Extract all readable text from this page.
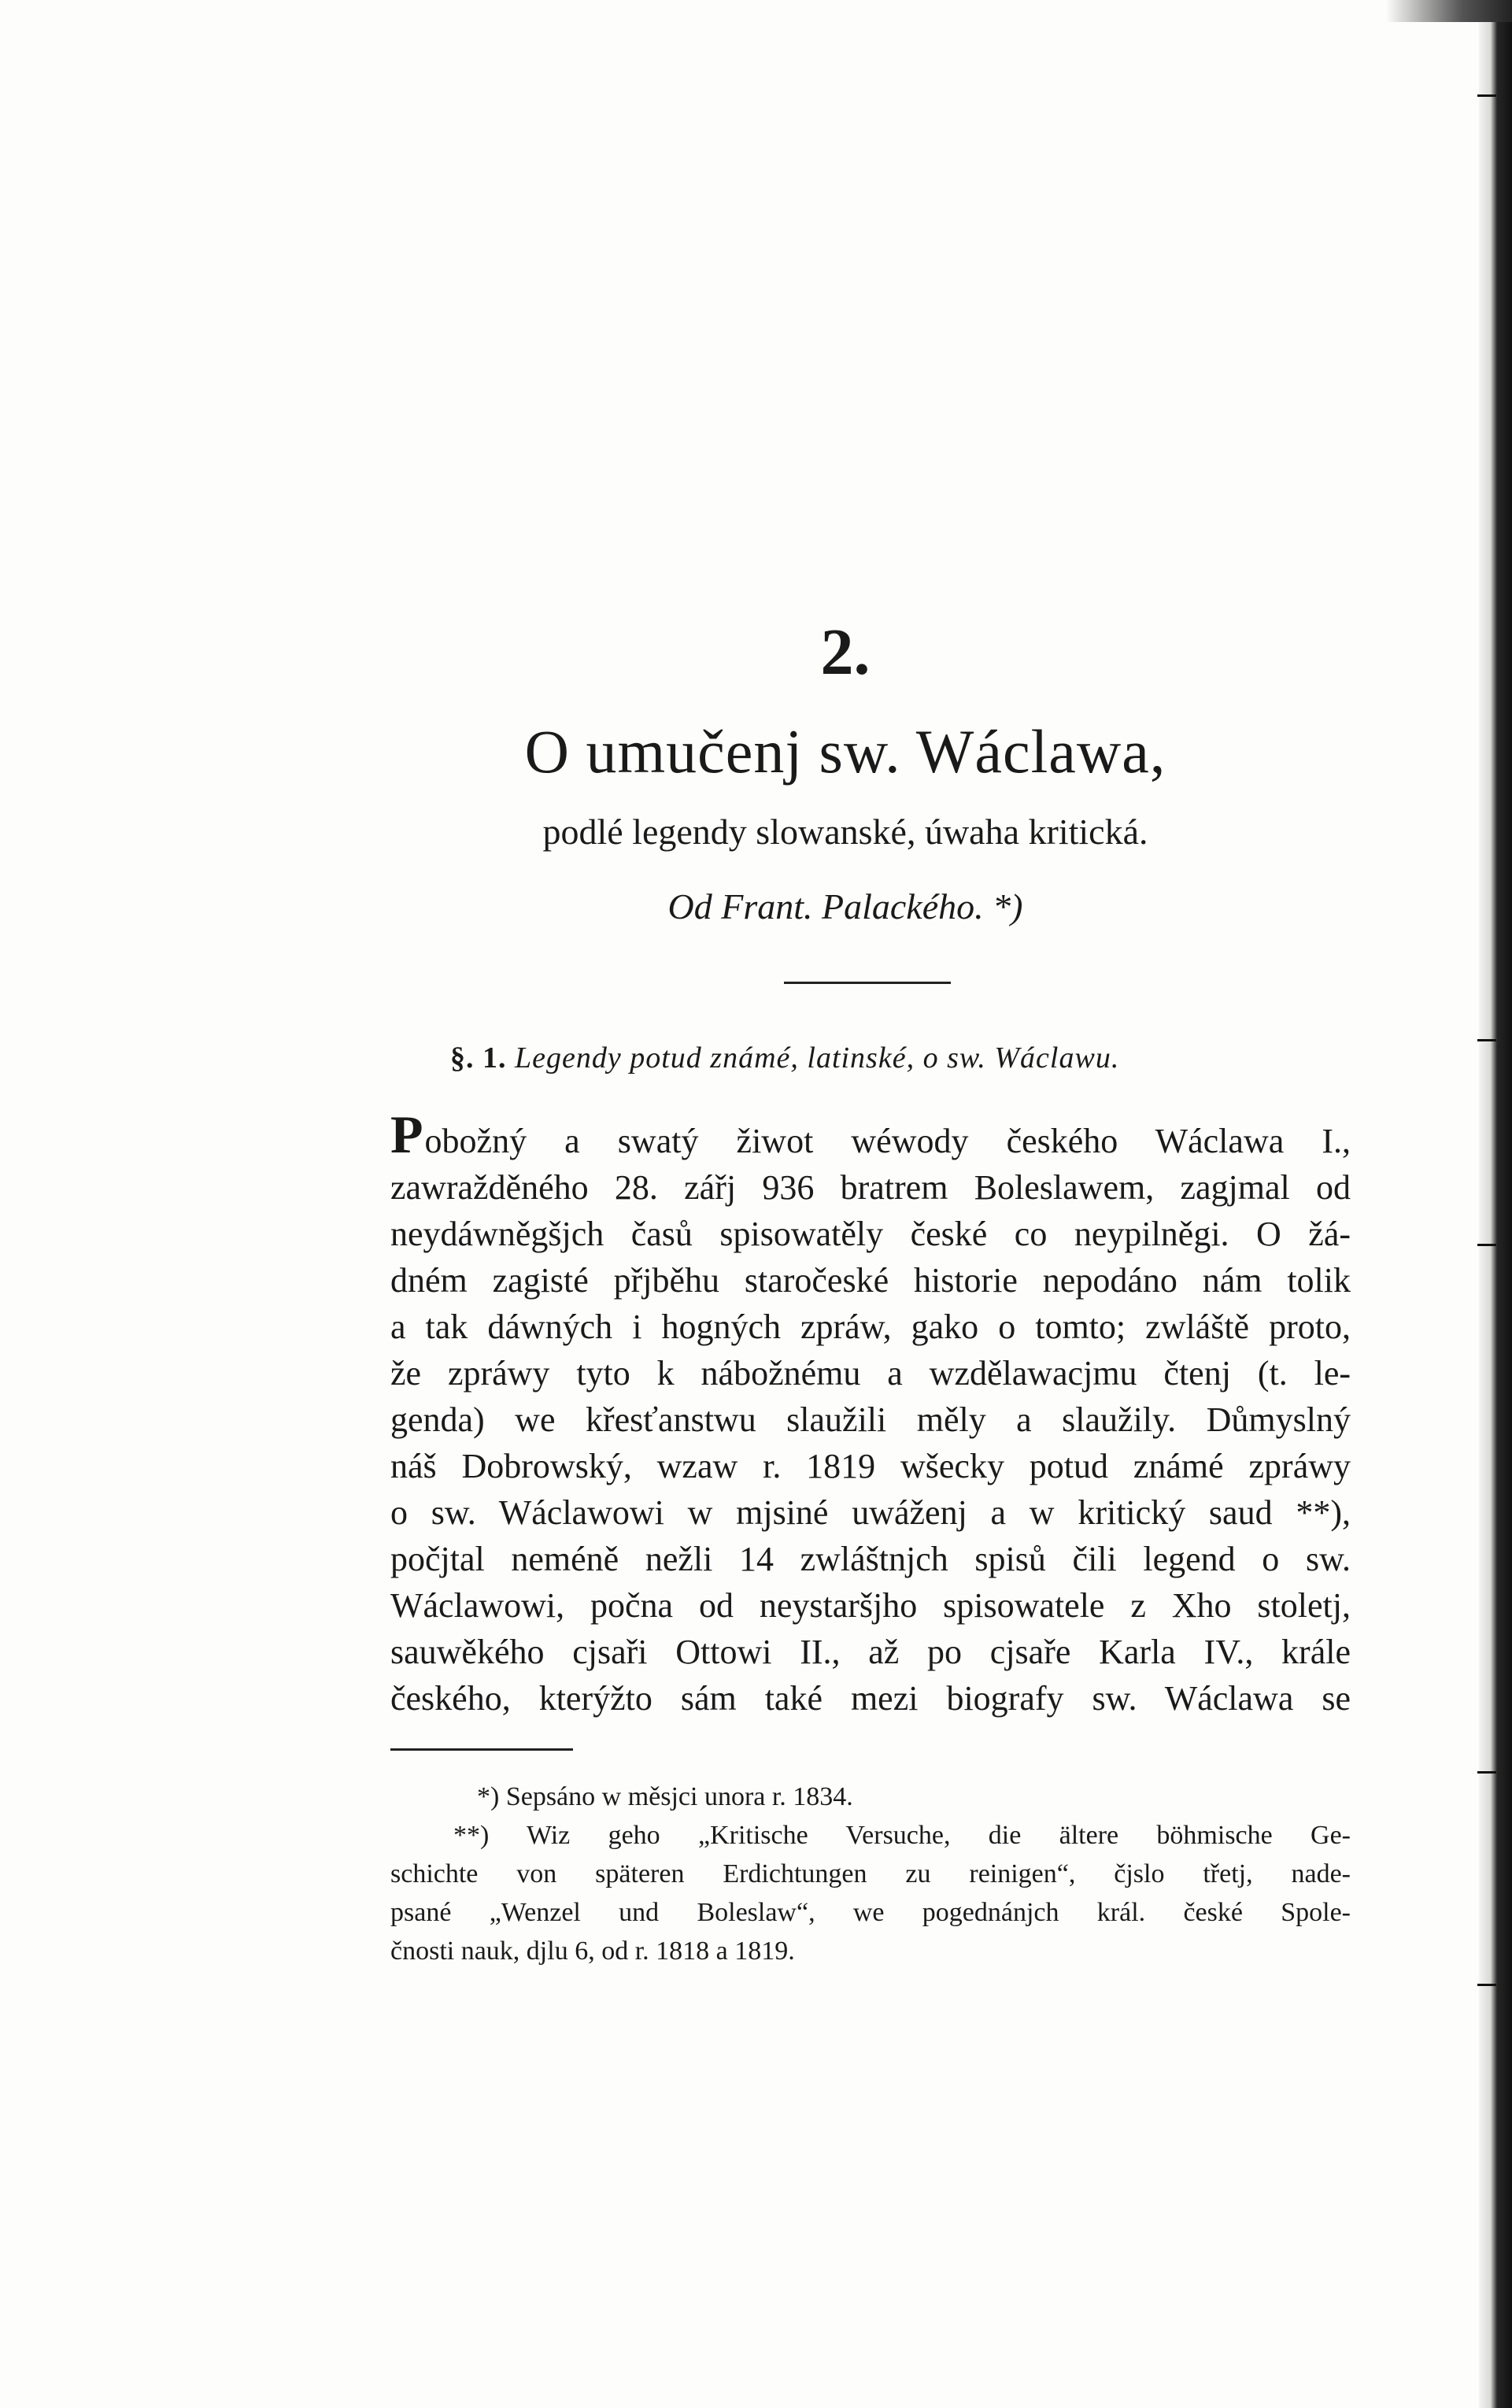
2.
O umučenj sw. Wáclawa,

podlé legendy slowanské, úwaha kritická.

Od Frant. Palackého. *)

§. 1. Legendy potud známé, latinské, o sw. Wáclawu.

Pobožný a swatý žiwot wéwody českého Wáclawa I.,
zawražděného 28. zářj 936 bratrem Boleslawem, zagjmal od
neydáwněgšjch časů spisowatěly české co neypilněgi. O žá-
dném zagisté přjběhu staročeské historie nepodáno nám tolik
a tak dáwných i hogných zpráw, gako o tomto; zwláště proto,
že zpráwy tyto k nábožnému a wzdělawacjmu čtenj (t. le-
genda) we křesťanstwu slaužili měly a slaužily. Důmyslný
náš Dobrowský, wzaw r. 1819 wšecky potud známé zpráwy
o sw. Wáclawowi w mjsiné uwáženj a w kritický saud **),
počjtal neméně nežli 14 zwláštnjch spisů čili legend o sw.
Wáclawowi, počna od neystaršjho spisowatele z Xho stoletj,
sauwěkého cjsaři Ottowi II., až po cjsaře Karla IV., krále
českého, kterýžto sám také mezi biografy sw. Wáclawa se
*) Sepsáno w měsjci unora r. 1834.
**) Wiz geho „Kritische Versuche, die ältere böhmische Ge-
schichte von späteren Erdichtungen zu reinigen“, čjslo třetj, nade-
psané „Wenzel und Boleslaw“, we pogednánjch král. české Spole-
čnosti nauk, djlu 6, od r. 1818 a 1819.
